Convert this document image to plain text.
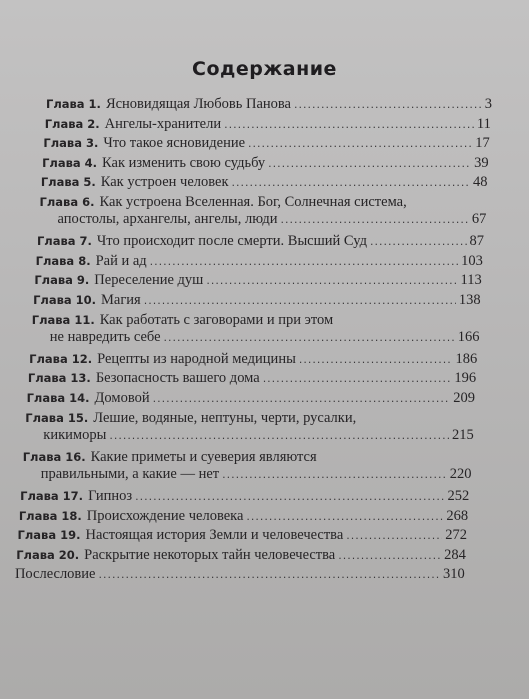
Содержание
Глава 1. Ясновидящая Любовь Панова .....	3
Глава 2. Ангелы-хранители .....	11
Глава 3. Что такое ясновидение .....	17
Глава 4. Как изменить свою судьбу .....	39
Глава 5. Как устроен человек .....	48
Глава 6. Как устроена Вселенная. Бог, Солнечная система,
апостолы, архангелы, ангелы, люди .....	67
Глава 7. Что происходит после смерти. Высший Суд .....	87
Глава 8. Рай и ад .....	103
Глава 9. Переселение душ .....	113
Глава 10. Магия .....	138
Глава 11. Как работать с заговорами и при этом
не навредить себе .....	166
Глава 12. Рецепты из народной медицины .....	186
Глава 13. Безопасность вашего дома .....	196
Глава 14. Домовой .....	209
Глава 15. Лешие, водяные, нептуны, черти, русалки,
кикиморы .....	215
Глава 16. Какие приметы и суеверия являются
правильными, а какие — нет .....	220
Глава 17. Гипноз .....	252
Глава 18. Происхождение человека .....	268
Глава 19. Настоящая история Земли и человечества .....	272
Глава 20. Раскрытие некоторых тайн человечества .....	284
Послесловие .....	310
